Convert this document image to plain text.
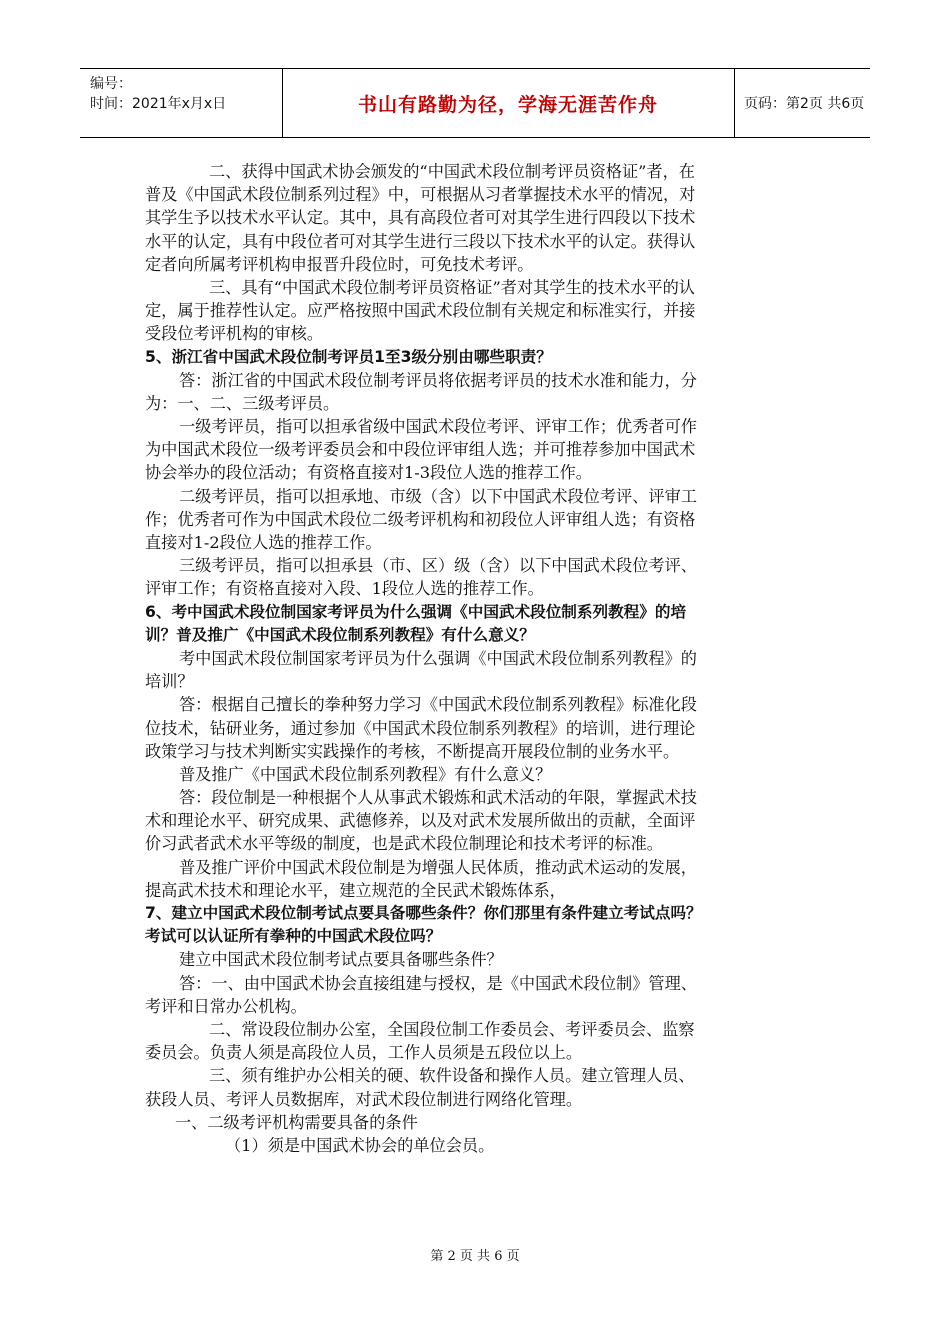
编号：
时间：2021年x月x日	书山有路勤为径，学海无涯苦作舟	页码：第2页 共6页
二、获得中国武术协会颁发的“中国武术段位制考评员资格证”者，在
普及《中国武术段位制系列过程》中，可根据从习者掌握技术水平的情况，对
其学生予以技术水平认定。其中，具有高段位者可对其学生进行四段以下技术
水平的认定，具有中段位者可对其学生进行三段以下技术水平的认定。获得认
定者向所属考评机构申报晋升段位时，可免技术考评。
三、具有“中国武术段位制考评员资格证”者对其学生的技术水平的认
定，属于推荐性认定。应严格按照中国武术段位制有关规定和标准实行，并接
受段位考评机构的审核。
5、浙江省中国武术段位制考评员1至3级分别由哪些职责？
答：浙江省的中国武术段位制考评员将依据考评员的技术水准和能力，分
为：一、二、三级考评员。
一级考评员，指可以担承省级中国武术段位考评、评审工作；优秀者可作
为中国武术段位一级考评委员会和中段位评审组人选；并可推荐参加中国武术
协会举办的段位活动；有资格直接对1-3段位人选的推荐工作。
二级考评员，指可以担承地、市级（含）以下中国武术段位考评、评审工
作；优秀者可作为中国武术段位二级考评机构和初段位人评审组人选；有资格
直接对1-2段位人选的推荐工作。
三级考评员，指可以担承县（市、区）级（含）以下中国武术段位考评、
评审工作；有资格直接对入段、1段位人选的推荐工作。
6、考中国武术段位制国家考评员为什么强调《中国武术段位制系列教程》的培
训？普及推广《中国武术段位制系列教程》有什么意义？
考中国武术段位制国家考评员为什么强调《中国武术段位制系列教程》的
培训？
答：根据自己擅长的拳种努力学习《中国武术段位制系列教程》标准化段
位技术，钻研业务，通过参加《中国武术段位制系列教程》的培训，进行理论
政策学习与技术判断实实践操作的考核，不断提高开展段位制的业务水平。
普及推广《中国武术段位制系列教程》有什么意义？
答：段位制是一种根据个人从事武术锻炼和武术活动的年限，掌握武术技
术和理论水平、研究成果、武德修养，以及对武术发展所做出的贡献，全面评
价习武者武术水平等级的制度，也是武术段位制理论和技术考评的标准。
普及推广评价中国武术段位制是为增强人民体质，推动武术运动的发展，
提高武术技术和理论水平，建立规范的全民武术锻炼体系，
7、建立中国武术段位制考试点要具备哪些条件？你们那里有条件建立考试点吗？
考试可以认证所有拳种的中国武术段位吗？
建立中国武术段位制考试点要具备哪些条件？
答：一、由中国武术协会直接组建与授权，是《中国武术段位制》管理、
考评和日常办公机构。
二、常设段位制办公室，全国段位制工作委员会、考评委员会、监察
委员会。负责人须是高段位人员，工作人员须是五段位以上。
三、须有维护办公相关的硬、软件设备和操作人员。建立管理人员、
获段人员、考评人员数据库，对武术段位制进行网络化管理。
一、二级考评机构需要具备的条件
（1）须是中国武术协会的单位会员。
第 2 页 共 6 页
